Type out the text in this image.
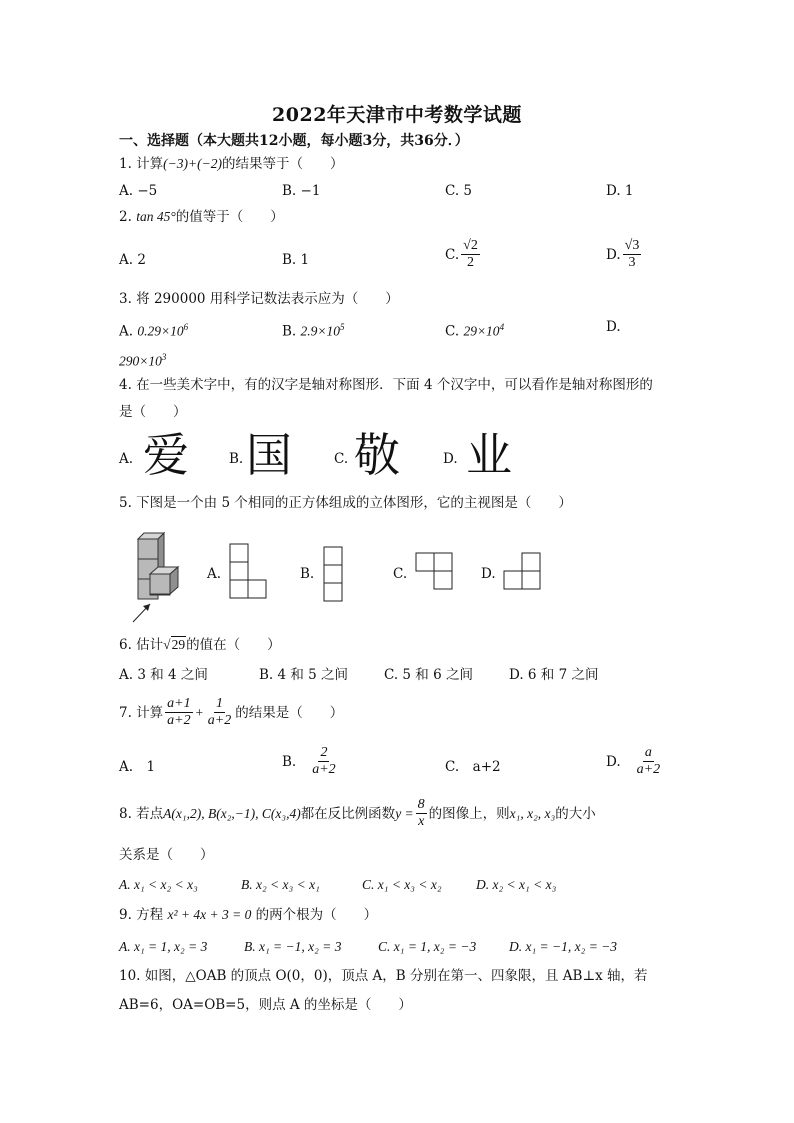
2022年天津市中考数学试题
一、选择题（本大题共12小题，每小题3分，共36分．）
1. 计算(−3)+(−2)的结果等于（　　）
A. −5	B. −1	C. 5	D. 1
2. tan 45°的值等于（　　）
A. 2	B. 1	C. $\frac{√2}{2}$	D. $\frac{√3}{3}$
3. 将 290000 用科学记数法表示应为（　　）
A. $0.29\times 10^6$	B. $2.9\times 10^5$	C. $29\times 10^4$	D.
$290\times 10^3$
4. 在一些美术字中，有的汉字是轴对称图形．下面 4 个汉字中，可以看作是轴对称图形的
是（　　）
A. 爱	B. 国	C. 敬	D. 业
5. 下图是一个由 5 个相同的正方体组成的立体图形，它的主视图是（　　）
A.	B.	C.	D.
6. 估计√29的值在（　　）
A. 3 和 4 之间	B. 4 和 5 之间	C. 5 和 6 之间	D. 6 和 7 之间
7. 计算 $\frac{a+1}{a+2} + \frac{1}{a+2}$ 的结果是（　　）
A.　1	B. $\frac{2}{a+2}$	C.　a+2	D. $\frac{a}{a+2}$
8. 若点 A(x₁,2), B(x₂,−1), C(x₃,4) 都在反比例函数 $y = \frac{8}{x}$ 的图像上，则 x₁, x₂, x₃ 的大小
关系是（　　）
A. x₁ < x₂ < x₃	B. x₂ < x₃ < x₁	C. x₁ < x₃ < x₂	D. x₂ < x₁ < x₃
9. 方程 x² + 4x + 3 = 0 的两个根为（　　）
A. x₁ = 1, x₂ = 3	B. x₁ = −1, x₂ = 3	C. x₁ = 1, x₂ = −3 D. x₁ = −1, x₂ = −3
10. 如图，△OAB 的顶点 O(0，0)，顶点 A，B 分别在第一、四象限，且 AB⊥x 轴，若
AB=6，OA=OB=5，则点 A 的坐标是（　　）
